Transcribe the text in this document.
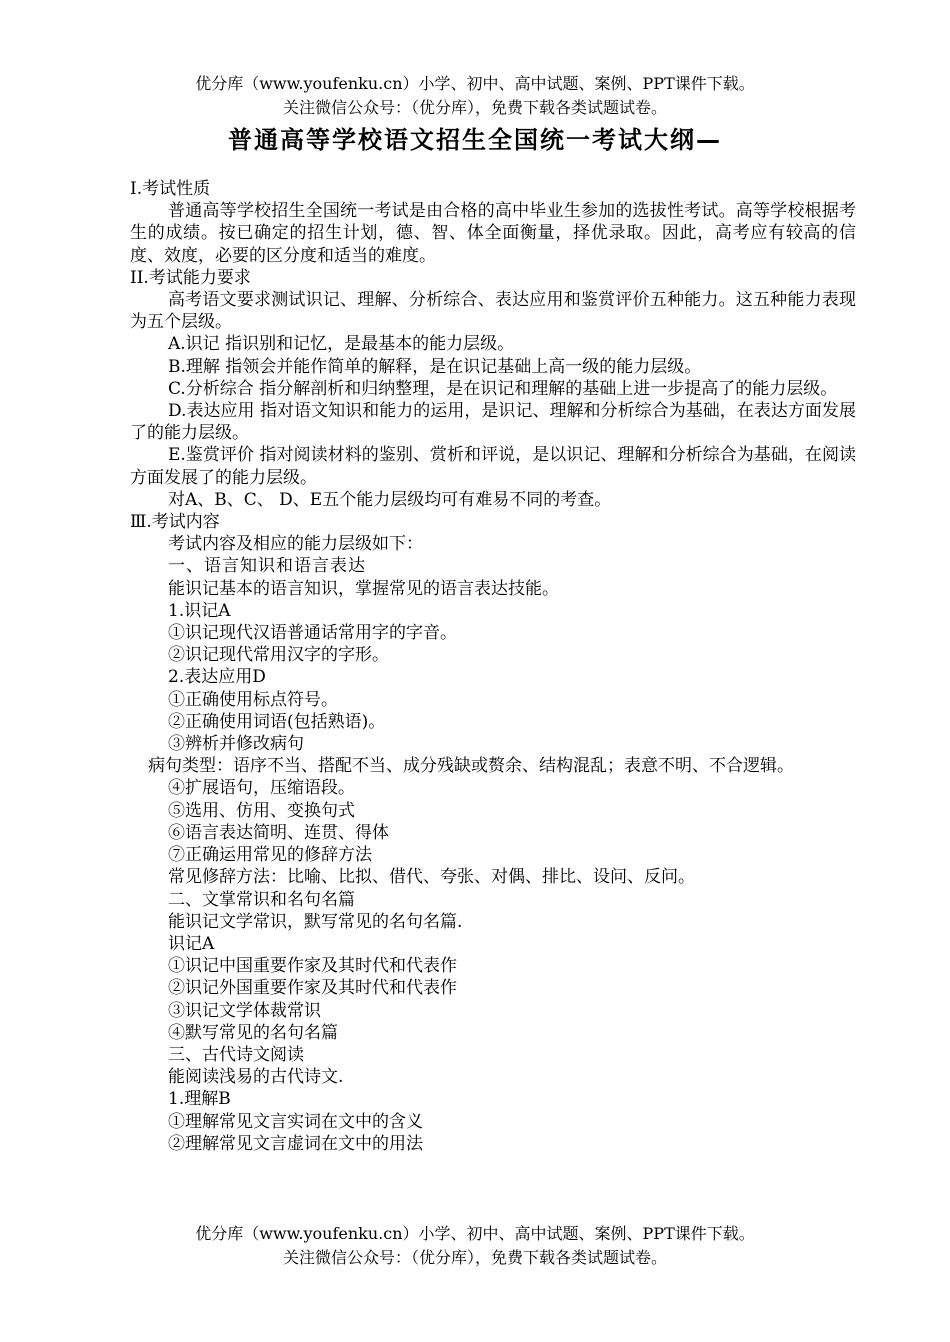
优分库（www.youfenku.cn）小学、初中、高中试题、案例、PPT课件下载。
关注微信公众号：（优分库），免费下载各类试题试卷。
普通高等学校语文招生全国统一考试大纲—
I.考试性质
普通高等学校招生全国统一考试是由合格的高中毕业生参加的选拔性考试。高等学校根据考生的成绩。按已确定的招生计划，德、智、体全面衡量，择优录取。因此，高考应有较高的信度、效度，必要的区分度和适当的难度。
II.考试能力要求
高考语文要求测试识记、理解、分析综合、表达应用和鉴赏评价五种能力。这五种能力表现为五个层级。
A.识记 指识别和记忆，是最基本的能力层级。
B.理解 指领会并能作简单的解释，是在识记基础上高一级的能力层级。
C.分析综合 指分解剖析和归纳整理，是在识记和理解的基础上进一步提高了的能力层级。
D.表达应用 指对语文知识和能力的运用，是识记、理解和分析综合为基础，在表达方面发展了的能力层级。
E.鉴赏评价 指对阅读材料的鉴别、赏析和评说，是以识记、理解和分析综合为基础，在阅读方面发展了的能力层级。
对A、B、C、 D、E五个能力层级均可有难易不同的考查。
Ⅲ.考试内容
考试内容及相应的能力层级如下：
一、语言知识和语言表达
能识记基本的语言知识，掌握常见的语言表达技能。
1.识记A
①识记现代汉语普通话常用字的字音。
②识记现代常用汉字的字形。
2.表达应用D
①正确使用标点符号。
②正确使用词语(包括熟语)。
③辨析并修改病句
病句类型：语序不当、搭配不当、成分残缺或赘余、结构混乱；表意不明、不合逻辑。
④扩展语句，压缩语段。
⑤选用、仿用、变换句式
⑥语言表达简明、连贯、得体
⑦正确运用常见的修辞方法
常见修辞方法：比喻、比拟、借代、夸张、对偶、排比、设问、反问。
二、文掌常识和名句名篇
能识记文学常识，默写常见的名句名篇.
识记A
①识记中国重要作家及其时代和代表作
②识记外国重要作家及其时代和代表作
③识记文学体裁常识
④默写常见的名句名篇
三、古代诗文阅读
能阅读浅易的古代诗文.
1.理解B
①理解常见文言实词在文中的含义
②理解常见文言虚词在文中的用法
优分库（www.youfenku.cn）小学、初中、高中试题、案例、PPT课件下载。
关注微信公众号：（优分库），免费下载各类试题试卷。
